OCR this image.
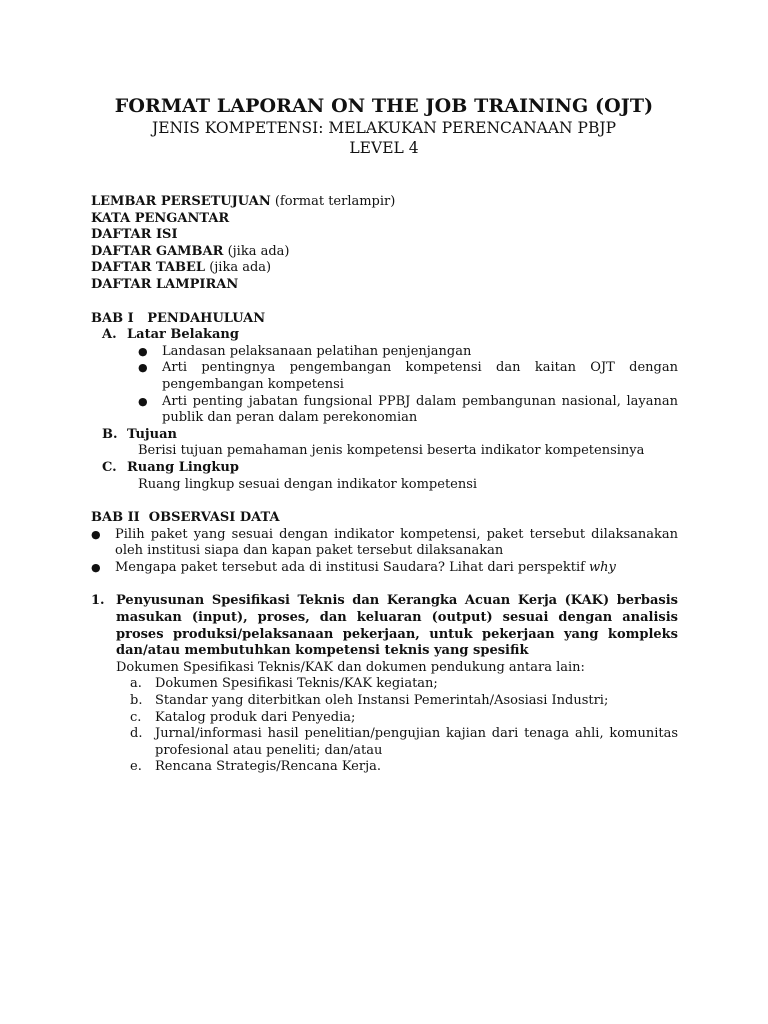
FORMAT LAPORAN ON THE JOB TRAINING (OJT)
JENIS KOMPETENSI: MELAKUKAN PERENCANAAN PBJP
LEVEL 4
LEMBAR PERSETUJUAN (format terlampir)
KATA PENGANTAR
DAFTAR ISI
DAFTAR GAMBAR (jika ada)
DAFTAR TABEL (jika ada)
DAFTAR LAMPIRAN
BAB I   PENDAHULUAN
A. Latar Belakang
●	Landasan pelaksanaan pelatihan penjenjangan
●	Arti pentingnya pengembangan kompetensi dan kaitan OJT dengan pengembangan kompetensi
●	Arti penting jabatan fungsional PPBJ dalam pembangunan nasional, layanan publik dan peran dalam perekonomian
B. Tujuan
Berisi tujuan pemahaman jenis kompetensi beserta indikator kompetensinya
C. Ruang Lingkup
Ruang lingkup sesuai dengan indikator kompetensi
BAB II  OBSERVASI DATA
●	Pilih paket yang sesuai dengan indikator kompetensi, paket tersebut dilaksanakan oleh institusi siapa dan kapan paket tersebut dilaksanakan
●	Mengapa paket tersebut ada di institusi Saudara? Lihat dari perspektif why
1. Penyusunan Spesifikasi Teknis dan Kerangka Acuan Kerja (KAK) berbasis masukan (input), proses, dan keluaran (output) sesuai dengan analisis proses produksi/pelaksanaan pekerjaan, untuk pekerjaan yang kompleks dan/atau membutuhkan kompetensi teknis yang spesifik
Dokumen Spesifikasi Teknis/KAK dan dokumen pendukung antara lain:
a.	Dokumen Spesifikasi Teknis/KAK kegiatan;
b. Standar yang diterbitkan oleh Instansi Pemerintah/Asosiasi Industri;
c.	Katalog produk dari Penyedia;
d. Jurnal/informasi hasil penelitian/pengujian kajian dari tenaga ahli, komunitas profesional atau peneliti; dan/atau
e.	Rencana Strategis/Rencana Kerja.
